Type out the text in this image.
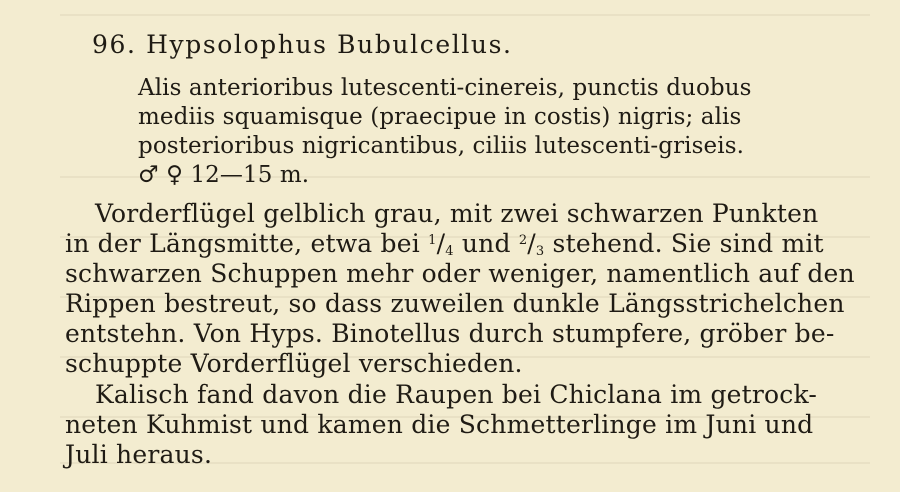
96. Hypsolophus Bubulcellus.
Alis anterioribus lutescenti-cinereis, punctis duobus
mediis squamisque (praecipue in costis) nigris; alis
posterioribus nigricantibus, ciliis lutescenti-griseis.
♂ ♀ 12—15 m.
Vorderflügel gelblich grau, mit zwei schwarzen Punkten
in der Längsmitte, etwa bei $^1/_4$ und $^2/_3$ stehend. Sie sind mit
schwarzen Schuppen mehr oder weniger, namentlich auf den
Rippen bestreut, so dass zuweilen dunkle Längsstrichelchen
entstehn. Von Hyps. Binotellus durch stumpfere, gröber be-
schuppte Vorderflügel verschieden.
Kalisch fand davon die Raupen bei Chiclana im getrock-
neten Kuhmist und kamen die Schmetterlinge im Juni und
Juli heraus.
